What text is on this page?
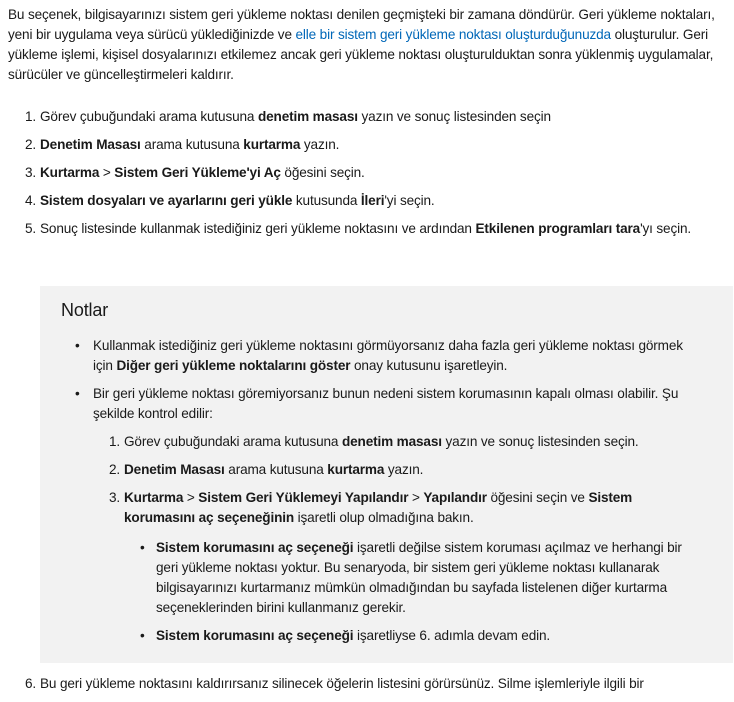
Bu seçenek, bilgisayarınızı sistem geri yükleme noktası denilen geçmişteki bir zamana döndürür. Geri yükleme noktaları, yeni bir uygulama veya sürücü yüklediğinizde ve elle bir sistem geri yükleme noktası oluşturduğunuzda oluşturulur. Geri yükleme işlemi, kişisel dosyalarınızı etkilemez ancak geri yükleme noktası oluşturulduktan sonra yüklenmiş uygulamalar, sürücüler ve güncelleştirmeleri kaldırır.

1. Görev çubuğundaki arama kutusuna denetim masası yazın ve sonuç listesinden seçin
2. Denetim Masası arama kutusuna kurtarma yazın.
3. Kurtarma > Sistem Geri Yükleme'yi Aç öğesini seçin.
4. Sistem dosyaları ve ayarlarını geri yükle kutusunda İleri'yi seçin.
5. Sonuç listesinde kullanmak istediğiniz geri yükleme noktasını ve ardından Etkilenen programları tara'yı seçin.
Notlar
• Kullanmak istediğiniz geri yükleme noktasını görmüyorsanız daha fazla geri yükleme noktası görmek için Diğer geri yükleme noktalarını göster onay kutusunu işaretleyin.
• Bir geri yükleme noktası göremiyorsanız bunun nedeni sistem korumasının kapalı olması olabilir. Şu şekilde kontrol edilir:
1. Görev çubuğundaki arama kutusuna denetim masası yazın ve sonuç listesinden seçin.
2. Denetim Masası arama kutusuna kurtarma yazın.
3. Kurtarma > Sistem Geri Yüklemeyi Yapılandır > Yapılandır öğesini seçin ve Sistem korumasını aç seçeneğinin işaretli olup olmadığına bakın.
• Sistem korumasını aç seçeneği işaretli değilse sistem koruması açılmaz ve herhangi bir geri yükleme noktası yoktur. Bu senaryoda, bir sistem geri yükleme noktası kullanarak bilgisayarınızı kurtarmanız mümkün olmadığından bu sayfada listelenen diğer kurtarma seçeneklerinden birini kullanmanız gerekir.
• Sistem korumasını aç seçeneği işaretliyse 6. adımla devam edin.
6. Bu geri yükleme noktasını kaldırırsanız silinecek öğelerin listesini görürsünüz. Silme işlemleriyle ilgili bir
